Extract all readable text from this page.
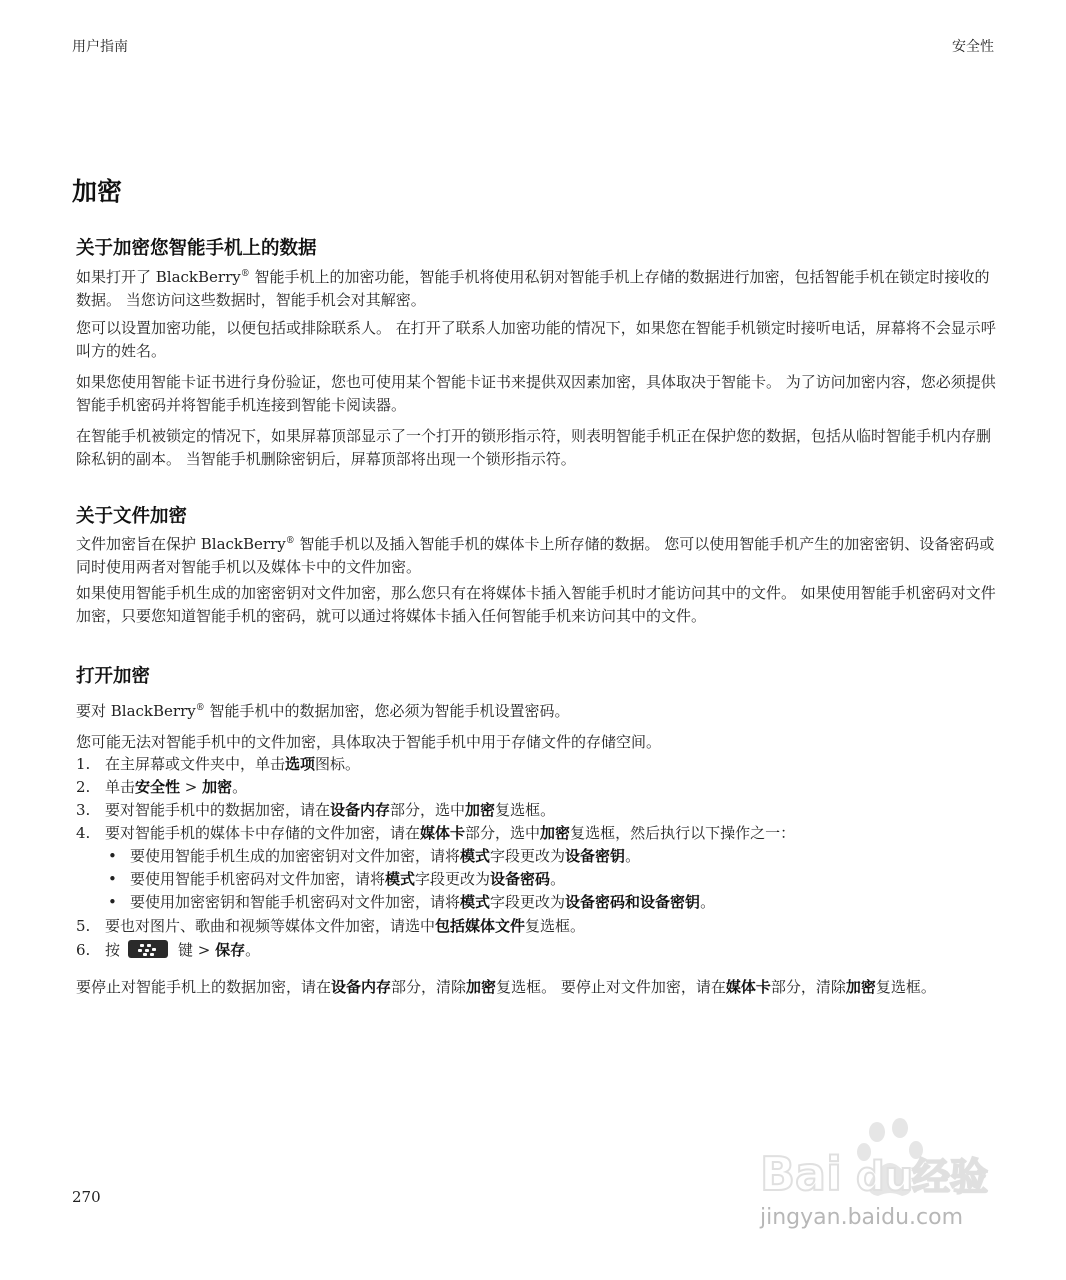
用户指南	安全性
加密
关于加密您智能手机上的数据
如果打开了 BlackBerry® 智能手机上的加密功能，智能手机将使用私钥对智能手机上存储的数据进行加密，包括智能手机在锁定时接收的数据。 当您访问这些数据时，智能手机会对其解密。
您可以设置加密功能，以便包括或排除联系人。 在打开了联系人加密功能的情况下，如果您在智能手机锁定时接听电话，屏幕将不会显示呼叫方的姓名。
如果您使用智能卡证书进行身份验证，您也可使用某个智能卡证书来提供双因素加密，具体取决于智能卡。 为了访问加密内容，您必须提供智能手机密码并将智能手机连接到智能卡阅读器。
在智能手机被锁定的情况下，如果屏幕顶部显示了一个打开的锁形指示符，则表明智能手机正在保护您的数据，包括从临时智能手机内存删除私钥的副本。 当智能手机删除密钥后，屏幕顶部将出现一个锁形指示符。
关于文件加密
文件加密旨在保护 BlackBerry® 智能手机以及插入智能手机的媒体卡上所存储的数据。 您可以使用智能手机产生的加密密钥、设备密码或同时使用两者对智能手机以及媒体卡中的文件加密。
如果使用智能手机生成的加密密钥对文件加密，那么您只有在将媒体卡插入智能手机时才能访问其中的文件。 如果使用智能手机密码对文件加密，只要您知道智能手机的密码，就可以通过将媒体卡插入任何智能手机来访问其中的文件。
打开加密
要对 BlackBerry® 智能手机中的数据加密，您必须为智能手机设置密码。
您可能无法对智能手机中的文件加密，具体取决于智能手机中用于存储文件的存储空间。
1. 在主屏幕或文件夹中，单击选项图标。
2. 单击安全性 > 加密。
3. 要对智能手机中的数据加密，请在设备内存部分，选中加密复选框。
4. 要对智能手机的媒体卡中存储的文件加密，请在媒体卡部分，选中加密复选框，然后执行以下操作之一：
• 要使用智能手机生成的加密密钥对文件加密，请将模式字段更改为设备密钥。
• 要使用智能手机密码对文件加密，请将模式字段更改为设备密码。
• 要使用加密密钥和智能手机密码对文件加密，请将模式字段更改为设备密码和设备密钥。
5. 要也对图片、歌曲和视频等媒体文件加密，请选中包括媒体文件复选框。
6. 按	键 > 保存。
要停止对智能手机上的数据加密，请在设备内存部分，清除加密复选框。 要停止对文件加密，请在媒体卡部分，清除加密复选框。
270	Bai du
经验
jingyan.baidu.com
